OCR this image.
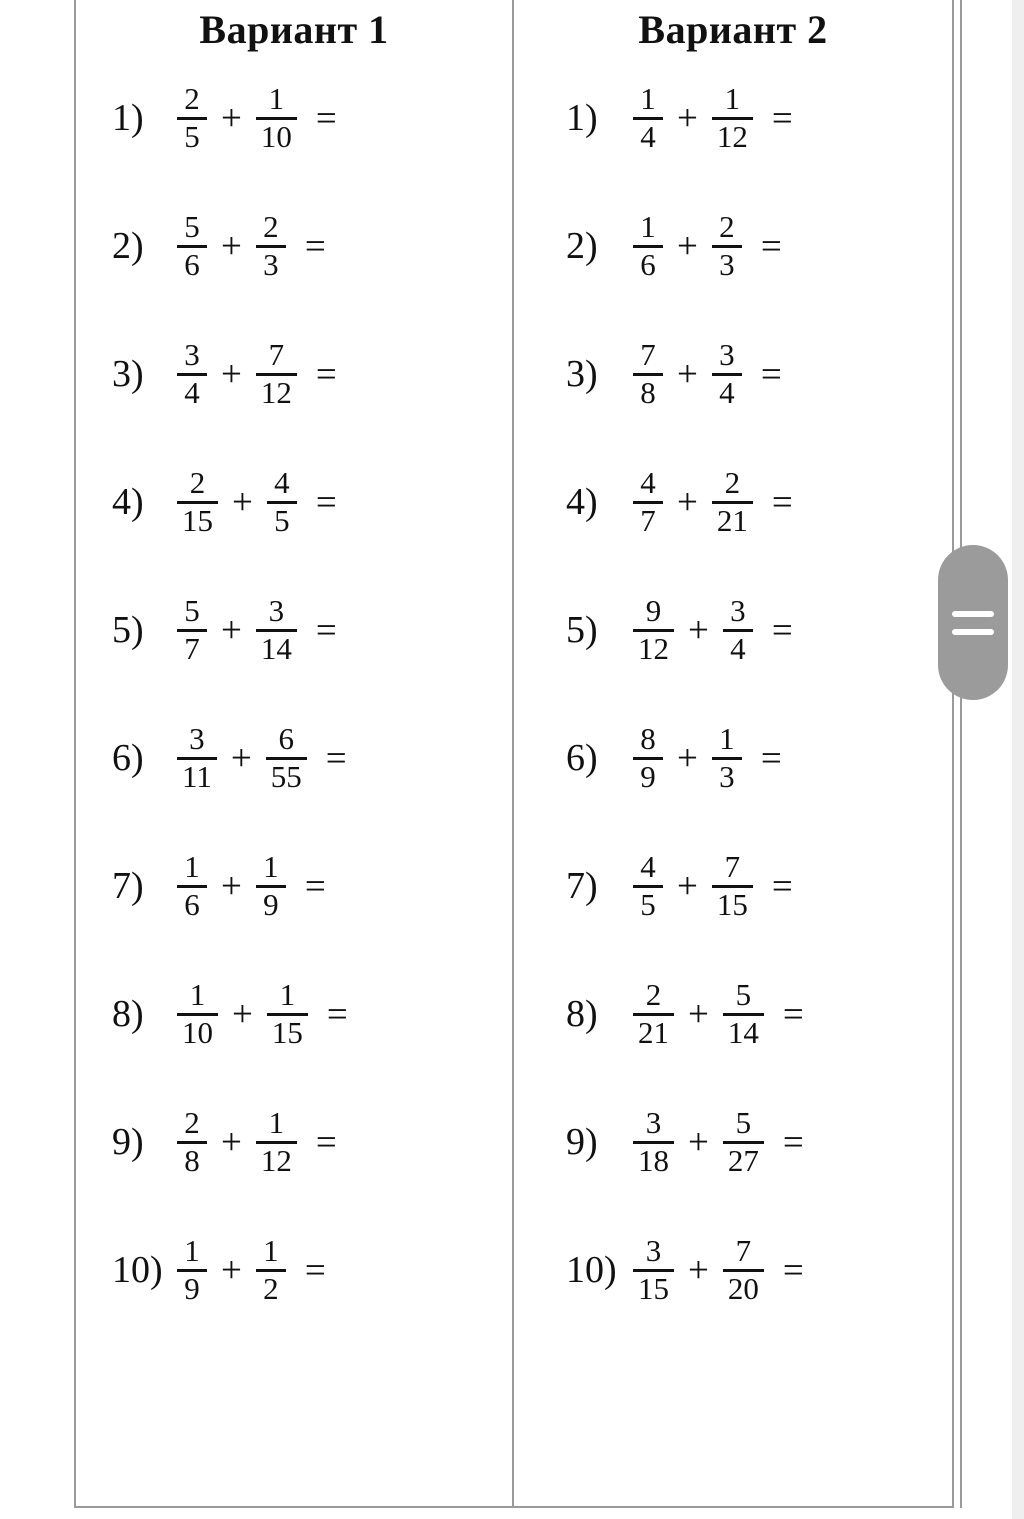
Вариант 1
1)	$\frac{2}{5} + \frac{1}{10}$ =
2)	$\frac{5}{6} + \frac{2}{3}$ =
3)	$\frac{3}{4} + \frac{7}{12}$ =
4)	$\frac{2}{15} + \frac{4}{5}$ =
5)	$\frac{5}{7} + \frac{3}{14}$ =
6)	$\frac{3}{11} + \frac{6}{55}$ =
7)	$\frac{1}{6} + \frac{1}{9}$ =
8)	$\frac{1}{10} + \frac{1}{15}$ =
9)	$\frac{2}{8} + \frac{1}{12}$ =
$10) \frac{1}{9} + \frac{1}{2}$ =
Вариант 2
1)	$\frac{1}{4} + \frac{1}{12}$ =
2)	$\frac{1}{6} + \frac{2}{3}$ =
3)	$\frac{7}{8} + \frac{3}{4}$ =
4)	$\frac{4}{7} + \frac{2}{21}$ =
5)	$\frac{9}{12} + \frac{3}{4}$ =
6)	$\frac{8}{9} + \frac{1}{3}$ =
7)	$\frac{4}{5} + \frac{7}{15}$ =
8)	$\frac{2}{21} + \frac{5}{14}$ =
9)	$\frac{3}{18} + \frac{5}{27}$ =
$10) \frac{3}{15} + \frac{7}{20}$ =
